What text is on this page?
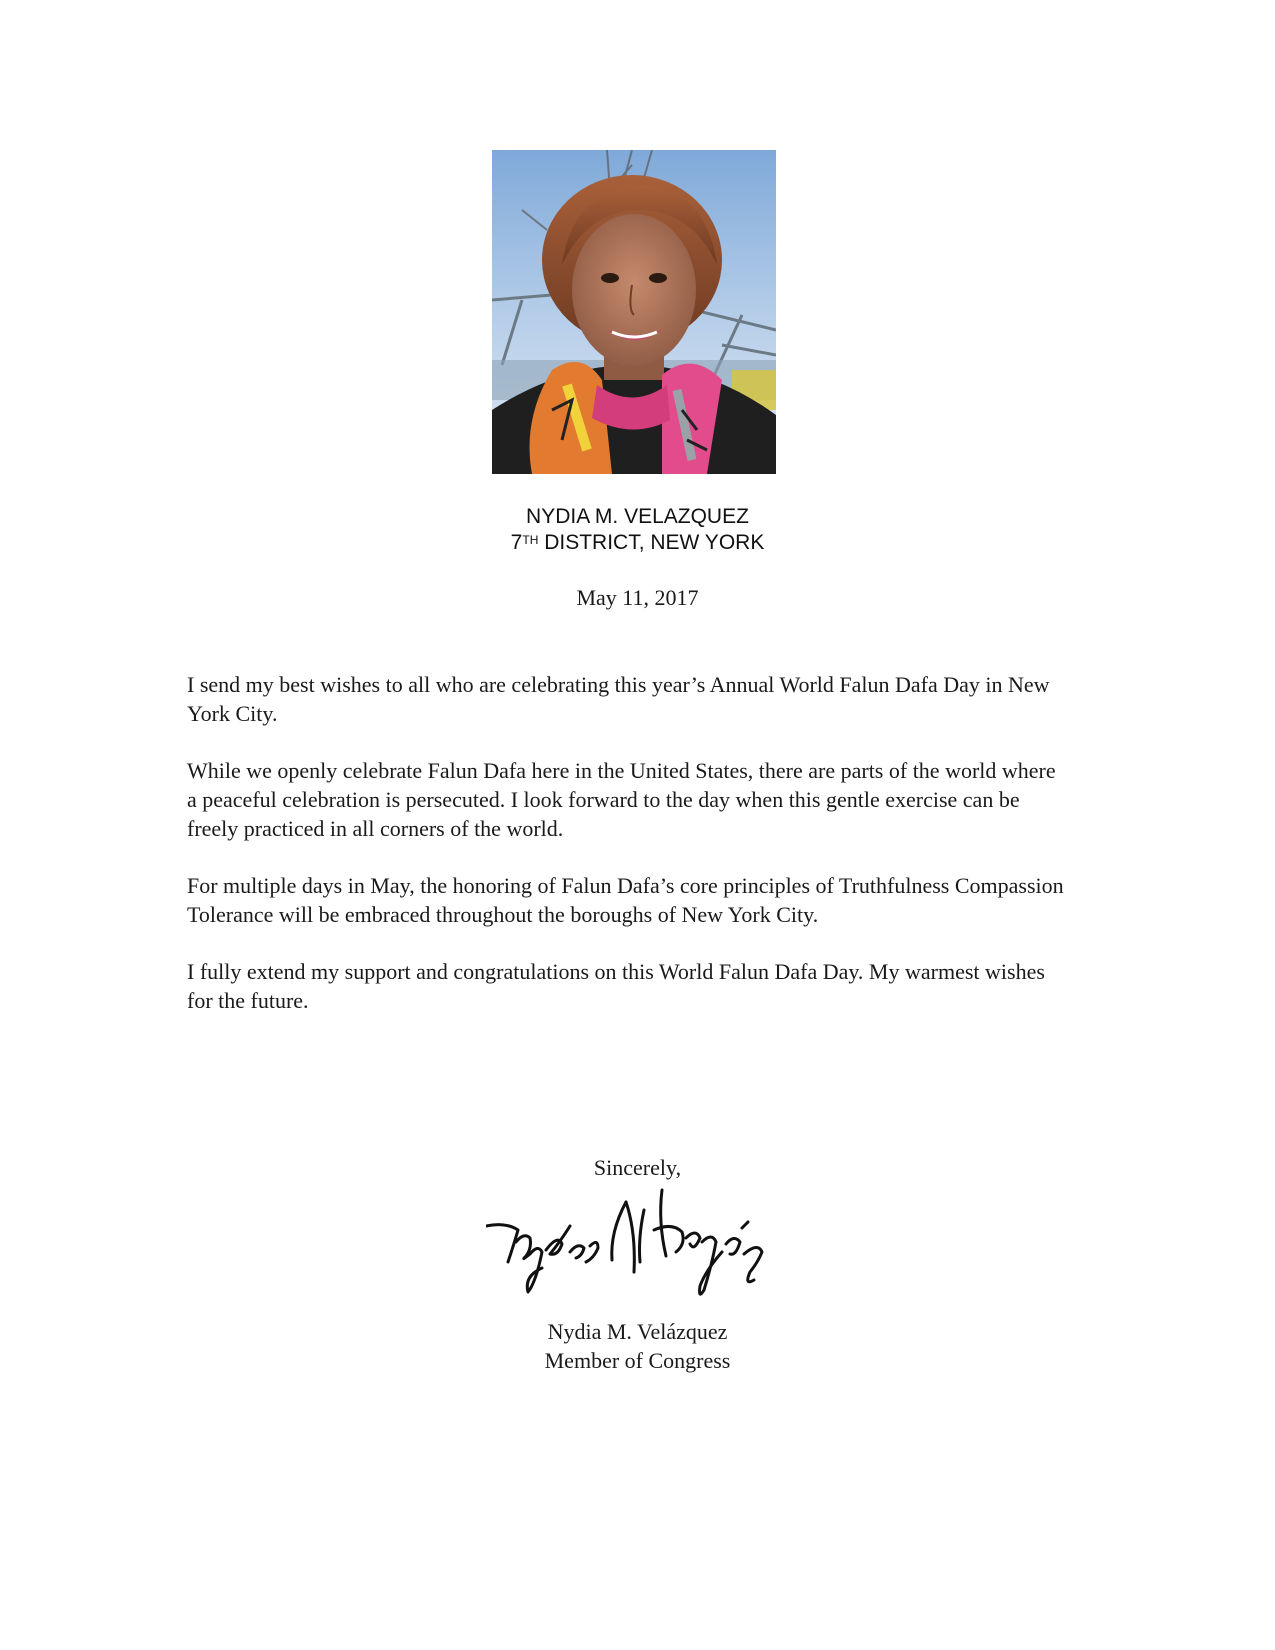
NYDIA M. VELAZQUEZ
7TH DISTRICT, NEW YORK
May 11, 2017

I send my best wishes to all who are celebrating this year’s Annual World Falun Dafa Day in New York City.

While we openly celebrate Falun Dafa here in the United States, there are parts of the world where a peaceful celebration is persecuted. I look forward to the day when this gentle exercise can be freely practiced in all corners of the world.

For multiple days in May, the honoring of Falun Dafa’s core principles of Truthfulness Compassion Tolerance will be embraced throughout the boroughs of New York City.

I fully extend my support and congratulations on this World Falun Dafa Day. My warmest wishes for the future.

Sincerely,
Nydia M. Velázquez
Member of Congress
